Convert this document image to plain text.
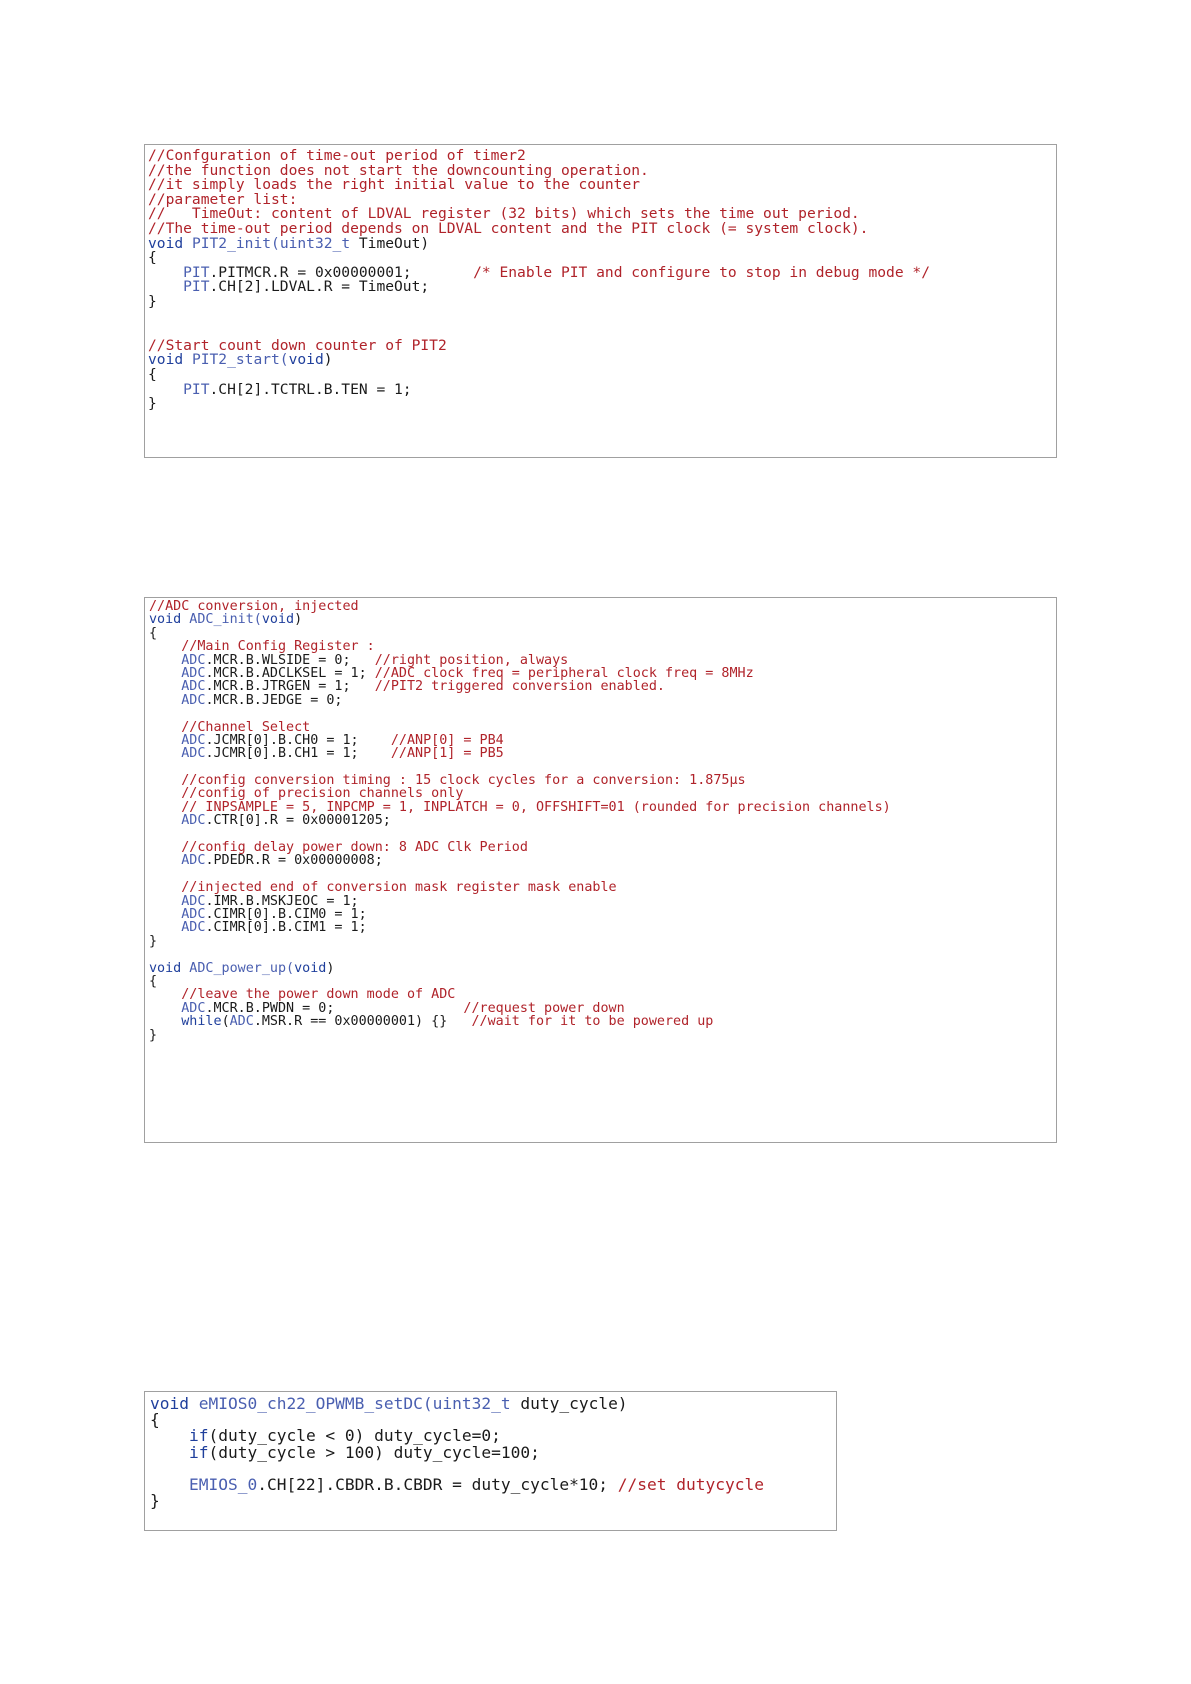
//Confguration of time-out period of timer2
//the function does not start the downcounting operation.
//it simply loads the right initial value to the counter
//parameter list:
//   TimeOut: content of LDVAL register (32 bits) which sets the time out period.
//The time-out period depends on LDVAL content and the PIT clock (= system clock).
void PIT2_init(uint32_t TimeOut)
{
PIT.PITMCR.R = 0x00000001;       /* Enable PIT and configure to stop in debug mode */
PIT.CH[2].LDVAL.R = TimeOut;
}

//Start count down counter of PIT2
void PIT2_start(void)
{
PIT.CH[2].TCTRL.B.TEN = 1;
}
//ADC conversion, injected
void ADC_init(void)
{
//Main Config Register :
ADC.MCR.B.WLSIDE = 0;   //right position, always
ADC.MCR.B.ADCLKSEL = 1; //ADC clock freq = peripheral clock freq = 8MHz
ADC.MCR.B.JTRGEN = 1;   //PIT2 triggered conversion enabled.
ADC.MCR.B.JEDGE = 0;

//Channel Select
ADC.JCMR[0].B.CH0 = 1;    //ANP[0] = PB4
ADC.JCMR[0].B.CH1 = 1;    //ANP[1] = PB5

//config conversion timing : 15 clock cycles for a conversion: 1.875µs
//config of precision channels only
// INPSAMPLE = 5, INPCMP = 1, INPLATCH = 0, OFFSHIFT=01 (rounded for precision channels)
ADC.CTR[0].R = 0x00001205;

//config delay power down: 8 ADC Clk Period
ADC.PDEDR.R = 0x00000008;

//injected end of conversion mask register mask enable
ADC.IMR.B.MSKJEOC = 1;
ADC.CIMR[0].B.CIM0 = 1;
ADC.CIMR[0].B.CIM1 = 1;
}

void ADC_power_up(void)
{
//leave the power down mode of ADC
ADC.MCR.B.PWDN = 0;                //request power down
while(ADC.MSR.R == 0x00000001) {}   //wait for it to be powered up
}
void eMIOS0_ch22_OPWMB_setDC(uint32_t duty_cycle)
{
if(duty_cycle < 0) duty_cycle=0;
if(duty_cycle > 100) duty_cycle=100;

EMIOS_0.CH[22].CBDR.B.CBDR = duty_cycle*10; //set dutycycle
}
